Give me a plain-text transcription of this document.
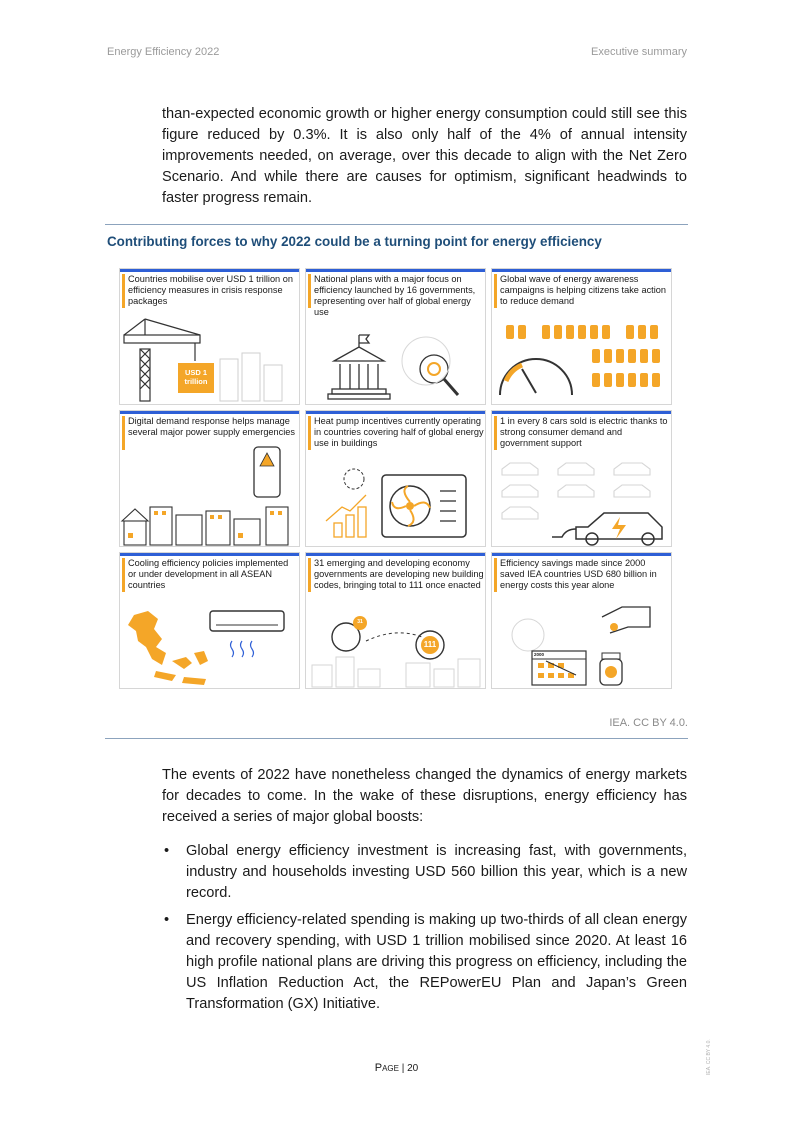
Energy Efficiency 2022	Executive summary

than-expected economic growth or higher energy consumption could still see this figure reduced by 0.3%. It is also only half of the 4% of annual intensity improvements needed, on average, over this decade to align with the Net Zero Scenario. And while there are causes for optimism, significant headwinds to faster progress remain.

Contributing forces to why 2022 could be a turning point for energy efficiency

Countries mobilise over USD 1 trillion on efficiency measures in crisis response packages
USD 1 trillion
National plans with a major focus on efficiency launched by 16 governments, representing over half of global energy use
Global wave of energy awareness campaigns is helping citizens take action to reduce demand
Digital demand response helps manage several major power supply emergencies
Heat pump incentives currently operating in countries covering half of global energy use in buildings
1 in every 8 cars sold is electric thanks to strong consumer demand and government support
Cooling efficiency policies implemented or under development in all ASEAN countries
31 emerging and developing economy governments are developing new building codes, bringing total to 111 once enacted
31
111
Efficiency savings made since 2000 saved IEA countries USD 680 billion in energy costs this year alone
2000
IEA. CC BY 4.0.

The events of 2022 have nonetheless changed the dynamics of energy markets for decades to come. In the wake of these disruptions, energy efficiency has received a series of major global boosts:

• Global energy efficiency investment is increasing fast, with governments, industry and households investing USD 560 billion this year, which is a new record.
• Energy efficiency-related spending is making up two-thirds of all clean energy and recovery spending, with USD 1 trillion mobilised since 2020. At least 16 high profile national plans are driving this progress on efficiency, including the US Inflation Reduction Act, the REPowerEU Plan and Japan’s Green Transformation (GX) Initiative.
Page | 20	IEA. CC BY 4.0.
